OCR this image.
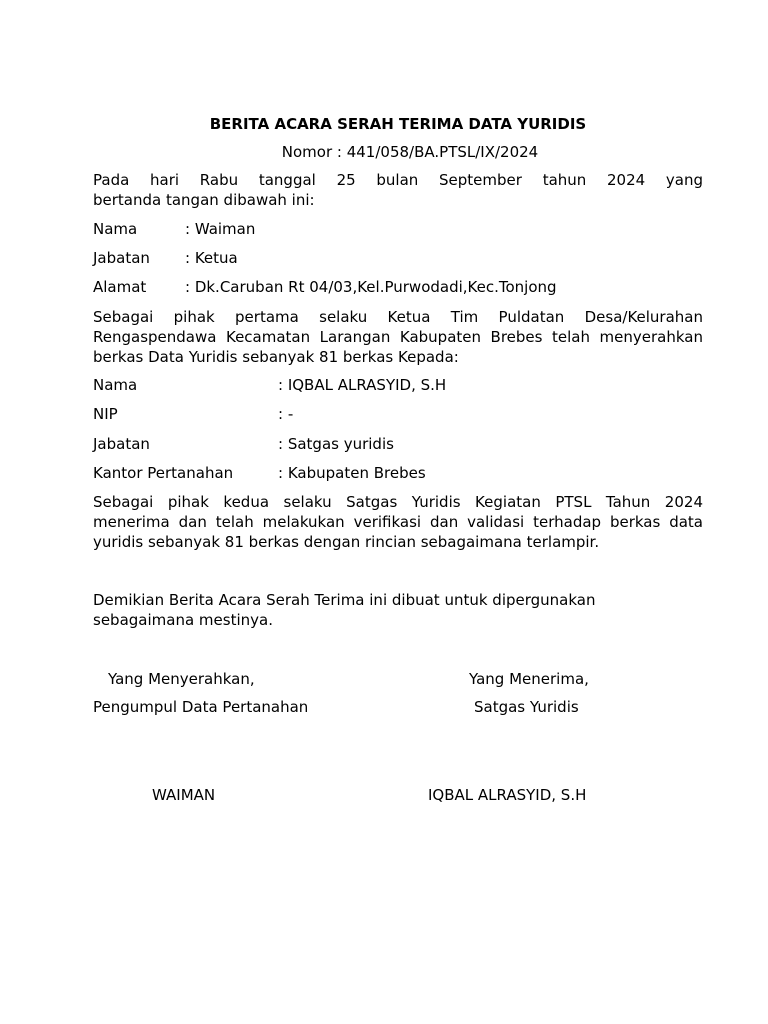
BERITA ACARA SERAH TERIMA DATA YURIDIS
Nomor : 441/058/BA.PTSL/IX/2024
Pada hari Rabu tanggal 25 bulan September tahun 2024 yang
bertanda tangan dibawah ini:
Nama	: Waiman
Jabatan : Ketua
Alamat	: Dk.Caruban Rt 04/03,Kel.Purwodadi,Kec.Tonjong
Sebagai pihak pertama selaku Ketua Tim Puldatan Desa/Kelurahan
Rengaspendawa Kecamatan Larangan Kabupaten Brebes telah menyerahkan
berkas Data Yuridis sebanyak 81 berkas Kepada:
Nama	: IQBAL ALRASYID, S.H
NIP	: -
Jabatan	: Satgas yuridis
Kantor Pertanahan	: Kabupaten Brebes
Sebagai pihak kedua selaku Satgas Yuridis Kegiatan PTSL Tahun 2024
menerima dan telah melakukan verifikasi dan validasi terhadap berkas data
yuridis sebanyak 81 berkas dengan rincian sebagaimana terlampir.
Demikian Berita Acara Serah Terima ini dibuat untuk dipergunakan
sebagaimana mestinya.
Yang Menyerahkan,	Yang Menerima,
Pengumpul Data Pertanahan	Satgas Yuridis
WAIMAN	IQBAL ALRASYID, S.H
